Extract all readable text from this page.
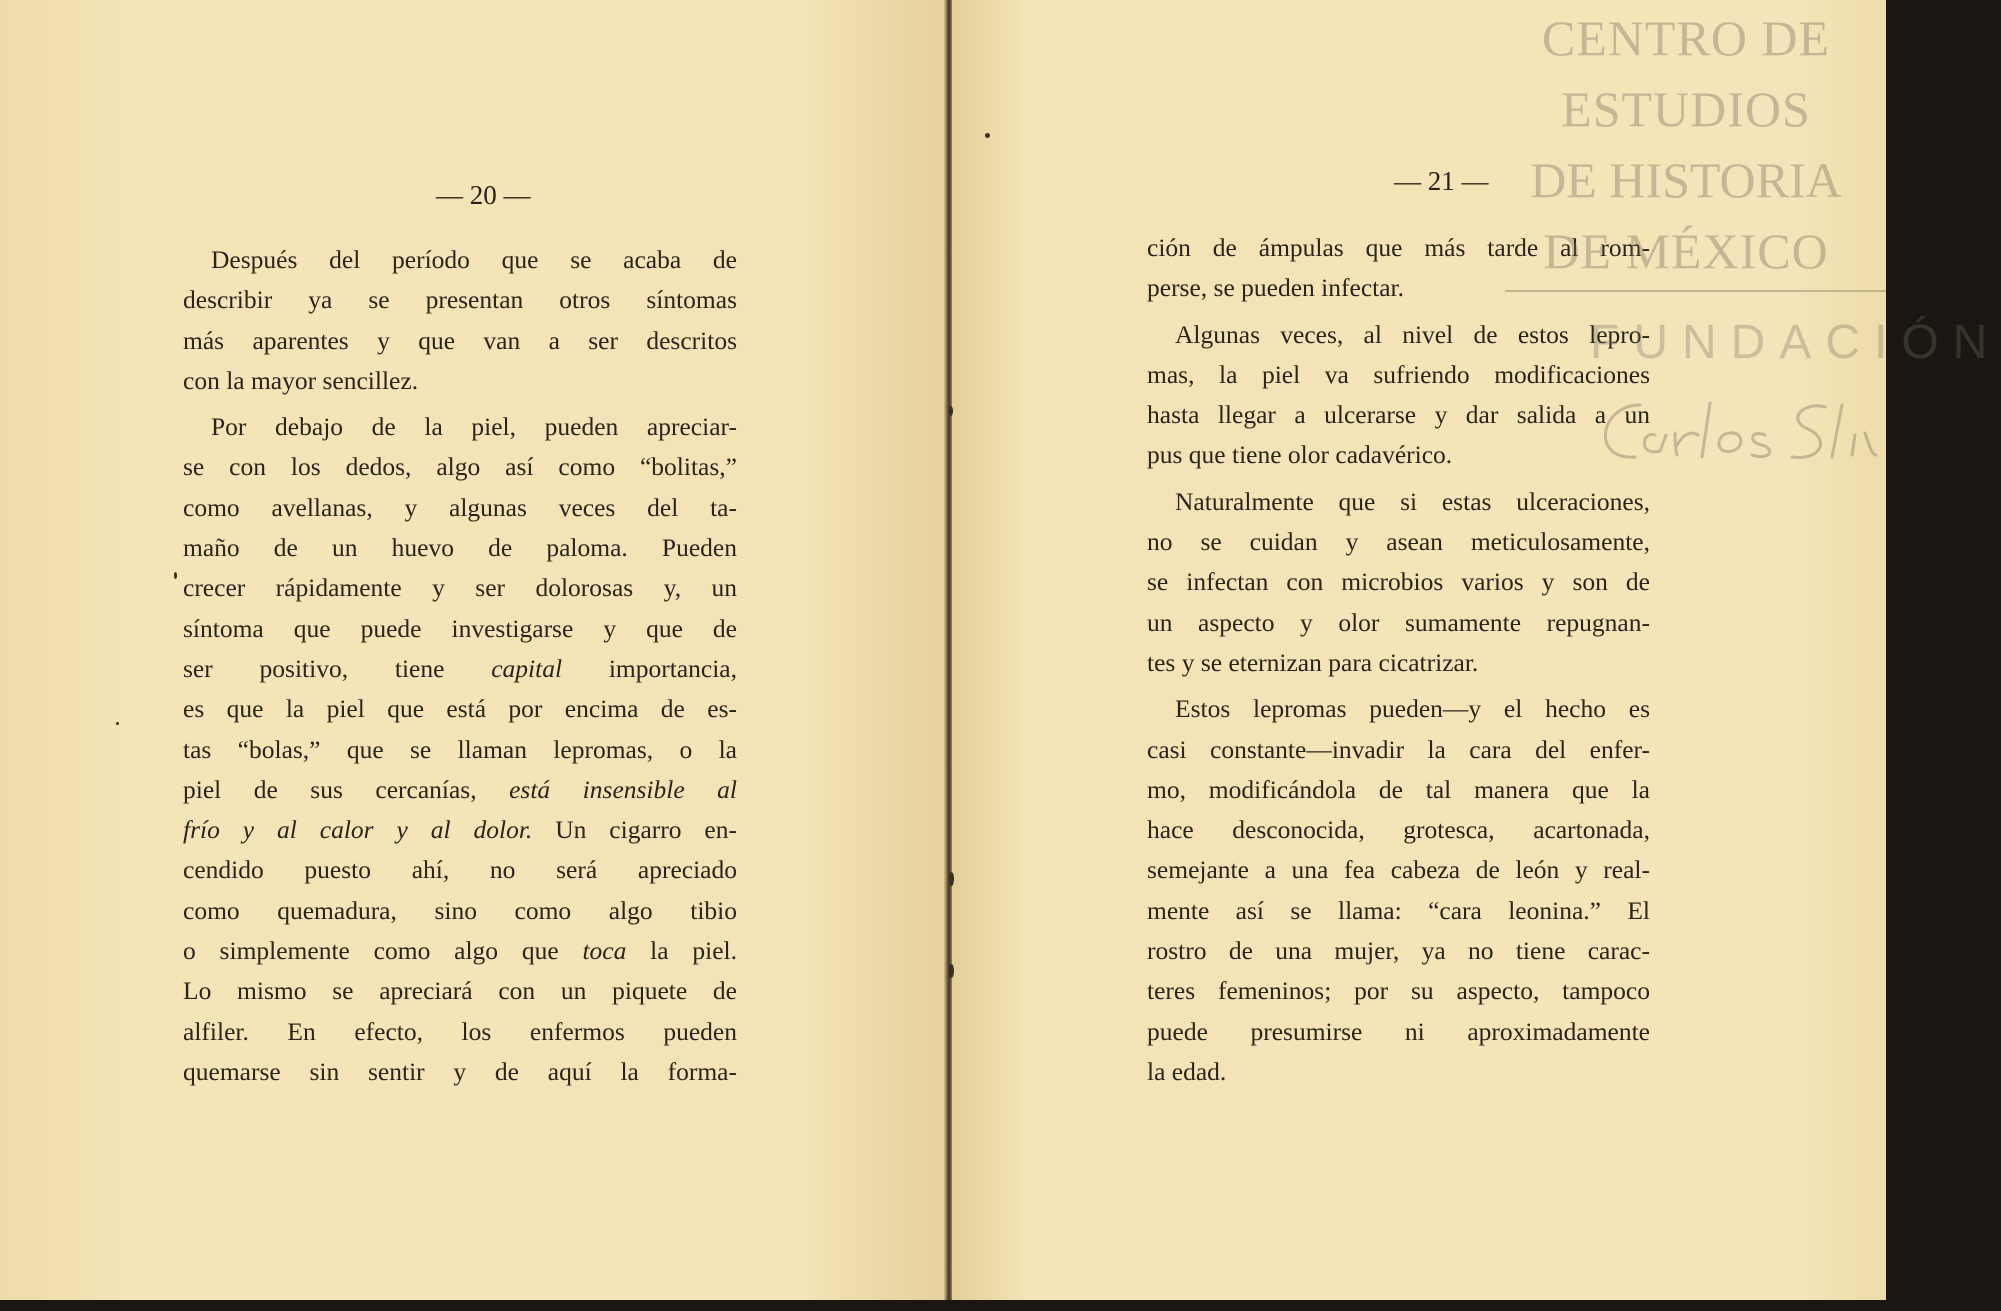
— 20 —
Después del período que se acaba de
describir ya se presentan otros síntomas
más aparentes y que van a ser descritos
con la mayor sencillez.
Por debajo de la piel, pueden apreciar-
se con los dedos, algo así como “bolitas,”
como avellanas, y algunas veces del ta-
maño de un huevo de paloma. Pueden
crecer rápidamente y ser dolorosas y, un
síntoma que puede investigarse y que de
ser positivo, tiene capital importancia,
es que la piel que está por encima de es-
tas “bolas,” que se llaman lepromas, o la
piel de sus cercanías, está insensible al
frío y al calor y al dolor. Un cigarro en-
cendido puesto ahí, no será apreciado
como quemadura, sino como algo tibio
o simplemente como algo que toca la piel.
Lo mismo se apreciará con un piquete de
alfiler. En efecto, los enfermos pueden
quemarse sin sentir y de aquí la forma-
— 21 —
ción de ámpulas que más tarde al rom-
perse, se pueden infectar.
Algunas veces, al nivel de estos lepro-
mas, la piel va sufriendo modificaciones
hasta llegar a ulcerarse y dar salida a un
pus que tiene olor cadavérico.
Naturalmente que si estas ulceraciones,
no se cuidan y asean meticulosamente,
se infectan con microbios varios y son de
un aspecto y olor sumamente repugnan-
tes y se eternizan para cicatrizar.
Estos lepromas pueden—y el hecho es
casi constante—invadir la cara del enfer-
mo, modificándola de tal manera que la
hace desconocida, grotesca, acartonada,
semejante a una fea cabeza de león y real-
mente así se llama: “cara leonina.” El
rostro de una mujer, ya no tiene carac-
teres femeninos; por su aspecto, tampoco
puede presumirse ni aproximadamente
la edad.
CENTRO DE
ESTUDIOS
DE HISTORIA
DE MÉXICO
FUNDACIÓN
